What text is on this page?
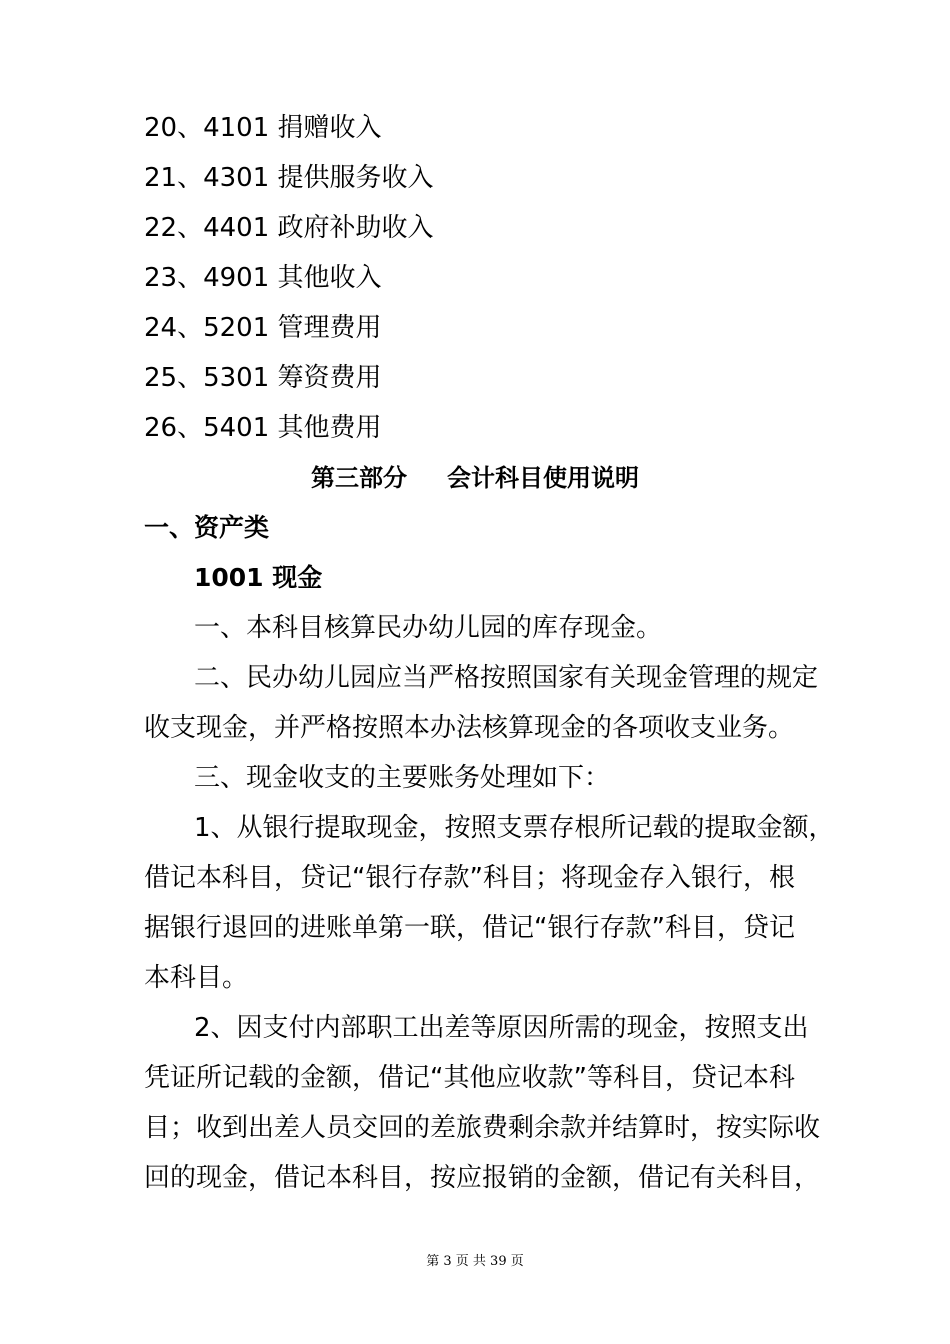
20、4101 捐赠收入
21、4301 提供服务收入
22、4401 政府补助收入
23、4901 其他收入
24、5201 管理费用
25、5301 筹资费用
26、5401 其他费用
第三部分 会计科目使用说明
一、资产类
1001 现金
一、本科目核算民办幼儿园的库存现金。
二、民办幼儿园应当严格按照国家有关现金管理的规定
收支现金，并严格按照本办法核算现金的各项收支业务。
三、现金收支的主要账务处理如下：
1、从银行提取现金，按照支票存根所记载的提取金额，
借记本科目，贷记“银行存款”科目；将现金存入银行，根
据银行退回的进账单第一联，借记“银行存款”科目，贷记
本科目。
2、因支付内部职工出差等原因所需的现金，按照支出
凭证所记载的金额，借记“其他应收款”等科目，贷记本科
目；收到出差人员交回的差旅费剩余款并结算时，按实际收
回的现金，借记本科目，按应报销的金额，借记有关科目，
第 3 页 共 39 页
